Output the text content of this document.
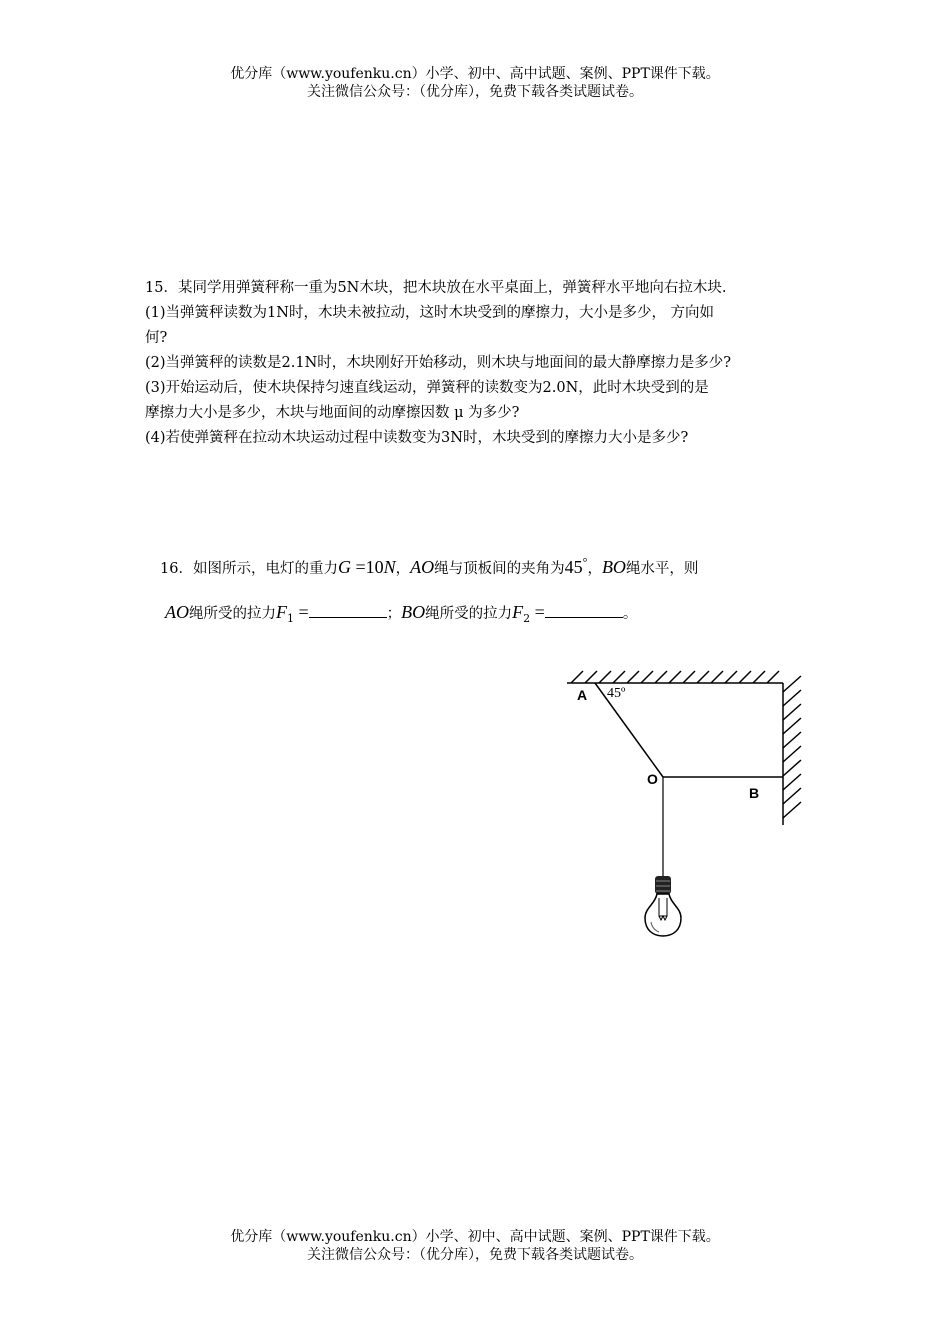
优分库（www.youfenku.cn）小学、初中、高中试题、案例、PPT课件下载。
关注微信公众号：（优分库），免费下载各类试题试卷。
15．某同学用弹簧秤称一重为5N木块，把木块放在水平桌面上，弹簧秤水平地向右拉木块.
(1)当弹簧秤读数为1N时，木块未被拉动，这时木块受到的摩擦力，大小是多少， 方向如
何?
(2)当弹簧秤的读数是2.1N时，木块刚好开始移动，则木块与地面间的最大静摩擦力是多少?
(3)开始运动后，使木块保持匀速直线运动，弹簧秤的读数变为2.0N，此时木块受到的是
摩擦力大小是多少，木块与地面间的动摩擦因数 μ 为多少?
(4)若使弹簧秤在拉动木块运动过程中读数变为3N时，木块受到的摩擦力大小是多少?
16．如图所示，电灯的重力G =10N，AO绳与顶板间的夹角为45°，BO绳水平，则
AO绳所受的拉力$F_1$ =	；BO绳所受的拉力$F_2$ =	。
A 45º
O
B
优分库（www.youfenku.cn）小学、初中、高中试题、案例、PPT课件下载。
关注微信公众号：（优分库），免费下载各类试题试卷。
